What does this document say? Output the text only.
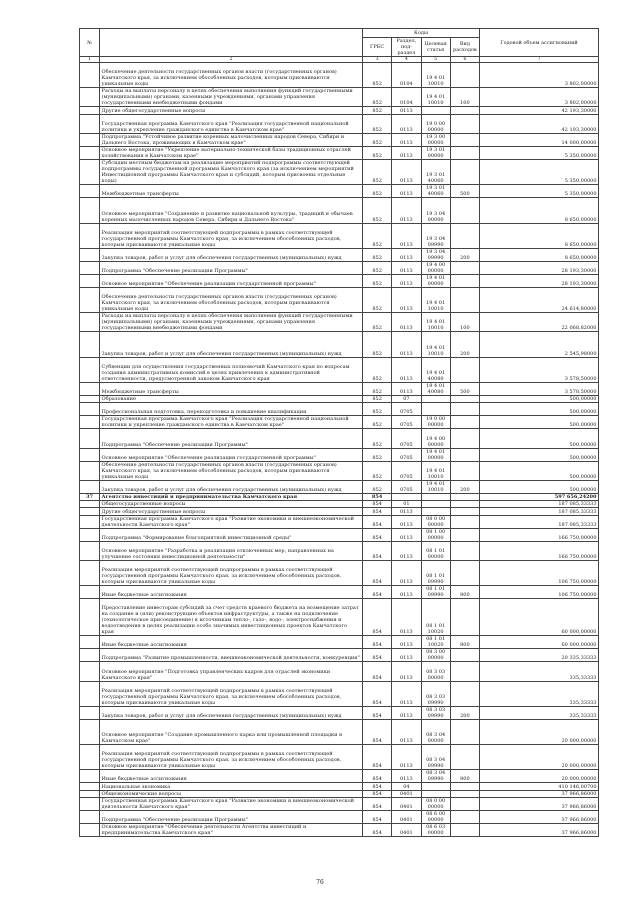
№		Коды				Годовой объем ассигнований
		ГРБС	Раздел, под-раздел	Целевая статья	Вид расходов	
1	2	3	4	5	6	7
	Обеспечение деятельности государственных органов власти (государственных органов) Камчатского края, за исключением обособленных расходов, которым присваиваются уникальные коды	852	0104	19 4 01 10010		3 802,00000
	Расходы на выплаты персоналу в целях обеспечения выполнения функций государственными (муниципальными) органами, казенными учреждениями, органами управления государственными внебюджетными фондами	852	0104	19 4 01 10010	100	3 802,00000
	Другие общегосударственные вопросы	852	0113			42 193,30000
	Государственная программа Камчатского края "Реализация государственной национальной политики и укрепление гражданского единства в Камчатском крае"	852	0113	19 0 00 00000		42 193,30000
	Подпрограмма "Устойчивое развитие коренных малочисленных народов Севера, Сибири и Дальнего Востока, проживающих в Камчатском крае"	852	0113	19 3 00 00000		14 000,00000
	Основное мероприятие "Укрепление материально-технической базы традиционных отраслей хозяйствования в Камчатском крае"	852	0113	19 3 01 00000		5 350,00000
	Субсидии местным бюджетам на реализацию мероприятий подпрограммы соответствующей подпрограммы государственной программы Камчатского края (за исключением мероприятий Инвестиционной программы Камчатского края и субсидий, которым присвоены отдельные коды)	852	0113	19 3 01 40060		5 350,00000
	Межбюджетные трансферты	852	0113	19 3 01 40060	500	5 350,00000
	Основное мероприятие "Сохранение и развитие национальной культуры, традиций и обычаев коренных малочисленных народов Севера, Сибири и Дальнего Востока"	852	0113	19 3 04 00000		8 650,00000
	Реализация мероприятий соответствующей подпрограммы в рамках соответствующей государственной программы Камчатского края, за исключением обособленных расходов, которым присваиваются уникальные коды	852	0113	19 3 04 09990		8 650,00000
	Закупка товаров, работ и услуг для обеспечения государственных (муниципальных) нужд	852	0113	19 3 04 09990	200	8 650,00000
	Подпрограмма "Обеспечение реализации Программы"	852	0113	19 4 00 00000		28 193,30000
	Основное мероприятие "Обеспечение реализации государственной программы"	852	0113	19 4 01 00000		28 193,30000
	Обеспечение деятельности государственных органов власти (государственных органов) Камчатского края, за исключением обособленных расходов, которым присваиваются уникальные коды	852	0113	19 4 01 10010		24 614,80000
	Расходы на выплаты персоналу в целях обеспечения выполнения функций государственными (муниципальными) органами, казенными учреждениями, органами управления государственными внебюджетными фондами	852	0113	19 4 01 10010	100	22 068,82000
	Закупка товаров, работ и услуг для обеспечения государственных (муниципальных) нужд	852	0113	19 4 01 10010	200	2 545,98000
	Субвенции для осуществления государственных полномочий Камчатского края по вопросам создания административных комиссий в целях привлечения к административной ответственности, предусмотренной законом Камчатского края	852	0113	19 4 01 40080		3 578,50000
	Межбюджетные трансферты	852	0113	19 4 01 40080	500	3 578,50000
	Образование	852	07			500,00000
	Профессиональная подготовка, переподготовка и повышение квалификации	852	0705			500,00000
	Государственная программа Камчатского края "Реализация государственной национальной политики и укрепление гражданского единства в Камчатском крае"	852	0705	19 0 00 00000		500,00000
	Подпрограмма "Обеспечение реализации Программы"	852	0705	19 4 00 00000		500,00000
	Основное мероприятие "Обеспечение реализации государственной программы"	852	0705	19 4 01 00000		500,00000
	Обеспечение деятельности государственных органов власти (государственных органов) Камчатского края, за исключением обособленных расходов, которым присваиваются уникальные коды	852	0705	19 4 01 10010		500,00000
	Закупка товаров, работ и услуг для обеспечения государственных (муниципальных) нужд	852	0705	19 4 01 10010	200	500,00000
37	Агентство инвестиций и предпринимательства Камчатского края	854				597 656,24200
	Общегосударственные вопросы	854	01			187 085,33333
	Другие общегосударственные вопросы	854	0113			187 085,33333
	Государственная программа Камчатского края "Развитие экономики и внешнеэкономической деятельности Камчатского края"	854	0113	08 0 00 00000		187 085,33333
	Подпрограмма "Формирование благоприятной инвестиционной среды"	854	0113	08 1 00 00000		166 750,00000
	Основное мероприятие "Разработка и реализация отключенных мер, направленных на улучшение состояния инвестиционной деятельности"	854	0113	08 1 01 00000		166 750,00000
	Реализация мероприятий соответствующей подпрограммы в рамках соответствующей государственной программы Камчатского края, за исключением обособленных расходов, которым присваиваются уникальные коды	854	0113	08 1 01 09990		106 750,00000
	Иные бюджетные ассигнования	854	0113	08 1 01 09990	800	106 750,00000
	Предоставление инвесторам субсидий за счет средств краевого бюджета на возмещение затрат на создание и (или) реконструкцию объектов инфраструктуры, а также на подключение (технологическое присоединение) к источникам тепло-, газо-, водо-, электроснабжения и водоотведения в целях реализации особо значимых инвестиционных проектов Камчатского края	854	0113	08 1 01 10020		60 000,00000
	Иные бюджетные ассигнования	854	0113	08 1 01 10020	800	60 000,00000
	Подпрограмма "Развитие промышленности, внешнеэкономической деятельности, конкуренции"	854	0113	08 3 00 00000		20 335,33333
	Основное мероприятие "Подготовка управленческих кадров для отраслей экономики Камчатского края"	854	0113	08 3 03 00000		335,33333
	Реализация мероприятий соответствующей подпрограммы в рамках соответствующей государственной программы Камчатского края, за исключением обособленных расходов, которым присваиваются уникальные коды	854	0113	08 3 03 09990		335,33333
	Закупка товаров, работ и услуг для обеспечения государственных (муниципальных) нужд	854	0113	08 3 03 09990	200	335,33333
	Основное мероприятие "Создание промышленного парка или промышленной площадки в Камчатском крае"	854	0113	08 3 04 00000		20 000,00000
	Реализация мероприятий соответствующей подпрограммы в рамках соответствующей государственной программы Камчатского края, за исключением обособленных расходов, которым присваиваются уникальные коды	854	0113	08 3 04 09990		20 000,00000
	Иные бюджетные ассигнования	854	0113	08 3 04 09990	800	20 000,00000
	Национальная экономика	854	04			410 146,00700
	Общеэкономические вопросы	854	0401			37 966,86000
	Государственная программа Камчатского края "Развитие экономики и внешнеэкономической деятельности Камчатского края"	854	0401	08 0 00 00000		37 966,86000
	Подпрограмма "Обеспечение реализации Программы"	854	0401	08 6 00 00000		37 966,86000
	Основное мероприятие "Обеспечение деятельности Агентства инвестиций и предпринимательства Камчатского края"	854	0401	08 6 03 00000		37 966,86000
76
